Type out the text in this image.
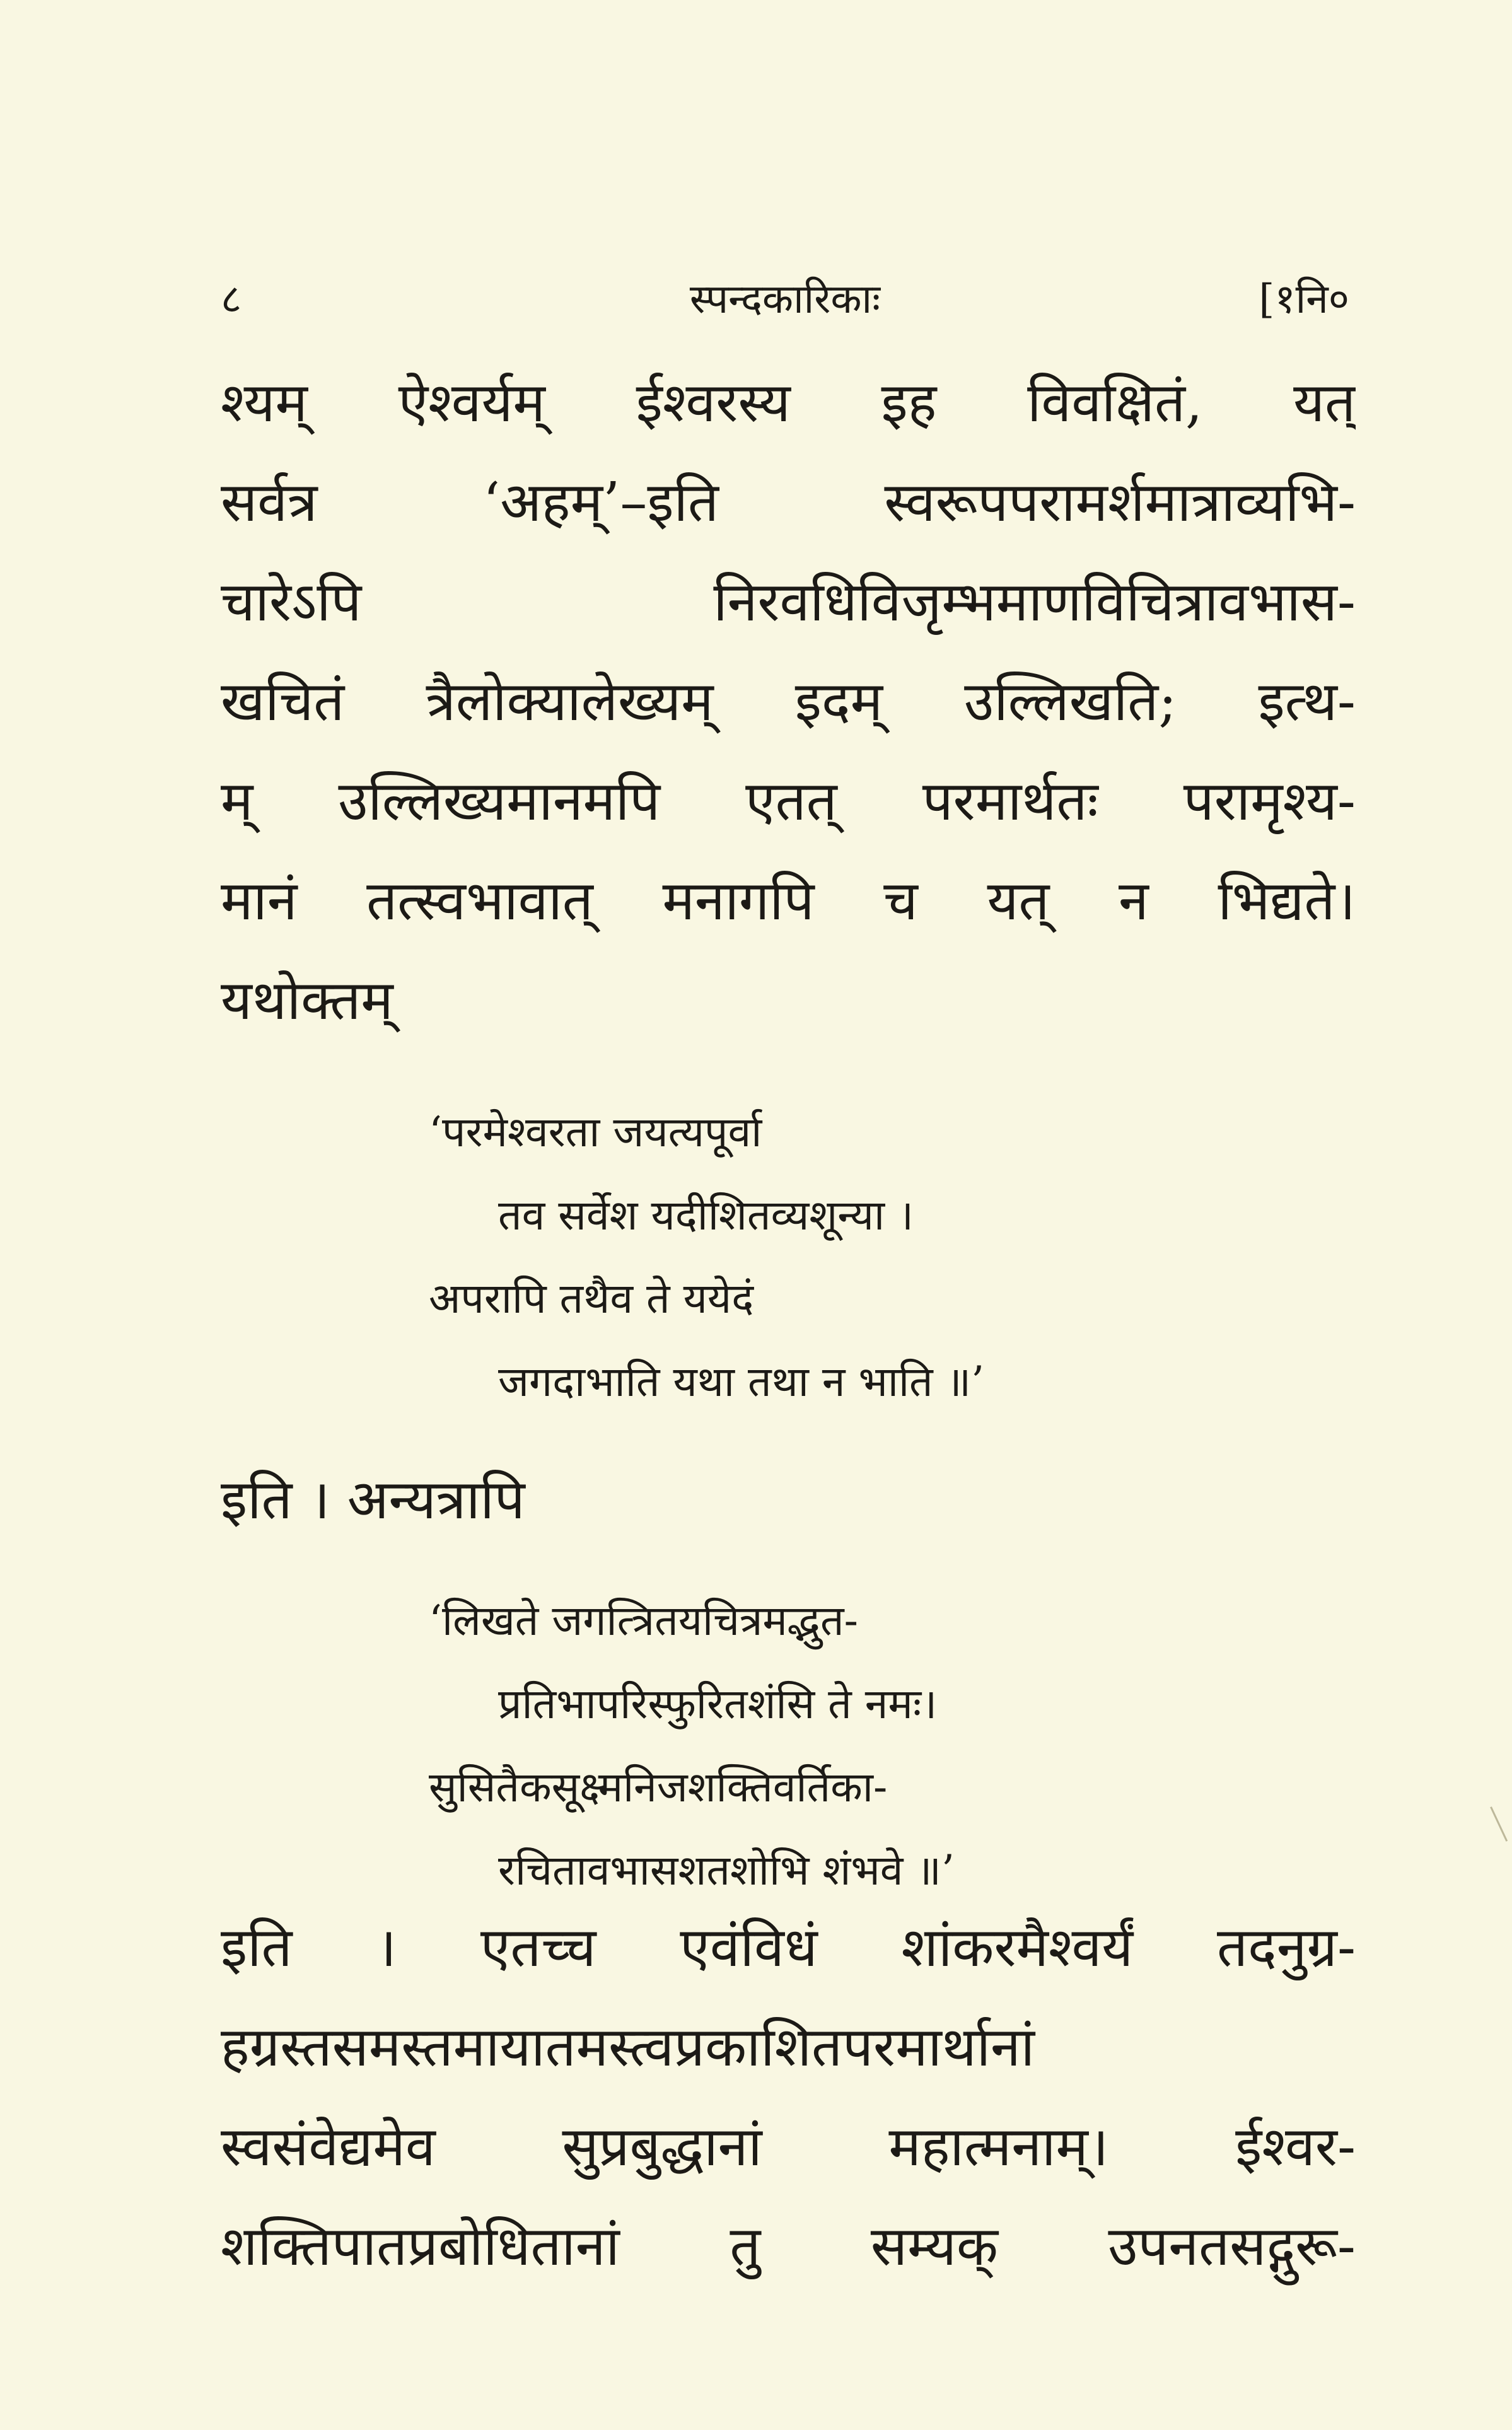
८	स्पन्दकारिकाः	[१नि०
श्यम् ऐश्वर्यम् ईश्वरस्य इह विवक्षितं, यत्
सर्वत्र ‘अहम्’–इति स्वरूपपरामर्शमात्राव्यभि-
चारेऽपि निरवधिविजृम्भमाणविचित्रावभास-
खचितं त्रैलोक्यालेख्यम् इदम् उल्लिखति; इत्थ-
म् उल्लिख्यमानमपि एतत् परमार्थतः परामृश्य-
मानं तत्स्वभावात् मनागपि च यत् न भिद्यते।
यथोक्तम्
‘परमेश्वरता जयत्यपूर्वा
तव सर्वेश यदीशितव्यशून्या ।
अपरापि तथैव ते ययेदं
जगदाभाति यथा तथा न भाति ॥’
इति । अन्यत्रापि
‘लिखते जगत्त्रितयचित्रमद्भुत-
प्रतिभापरिस्फुरितशंसि ते नमः।
सुसितैकसूक्ष्मनिजशक्तिवर्तिका-
रचितावभासशतशोभि शंभवे ॥’
इति । एतच्च एवंविधं शांकरमैश्वर्यं तदनुग्र-
हग्रस्तसमस्तमायातमस्त्वप्रकाशितपरमार्थानां
स्वसंवेद्यमेव सुप्रबुद्धानां महात्मनाम्। ईश्वर-
शक्तिपातप्रबोधितानां तु सम्यक् उपनतसद्गुरू-
